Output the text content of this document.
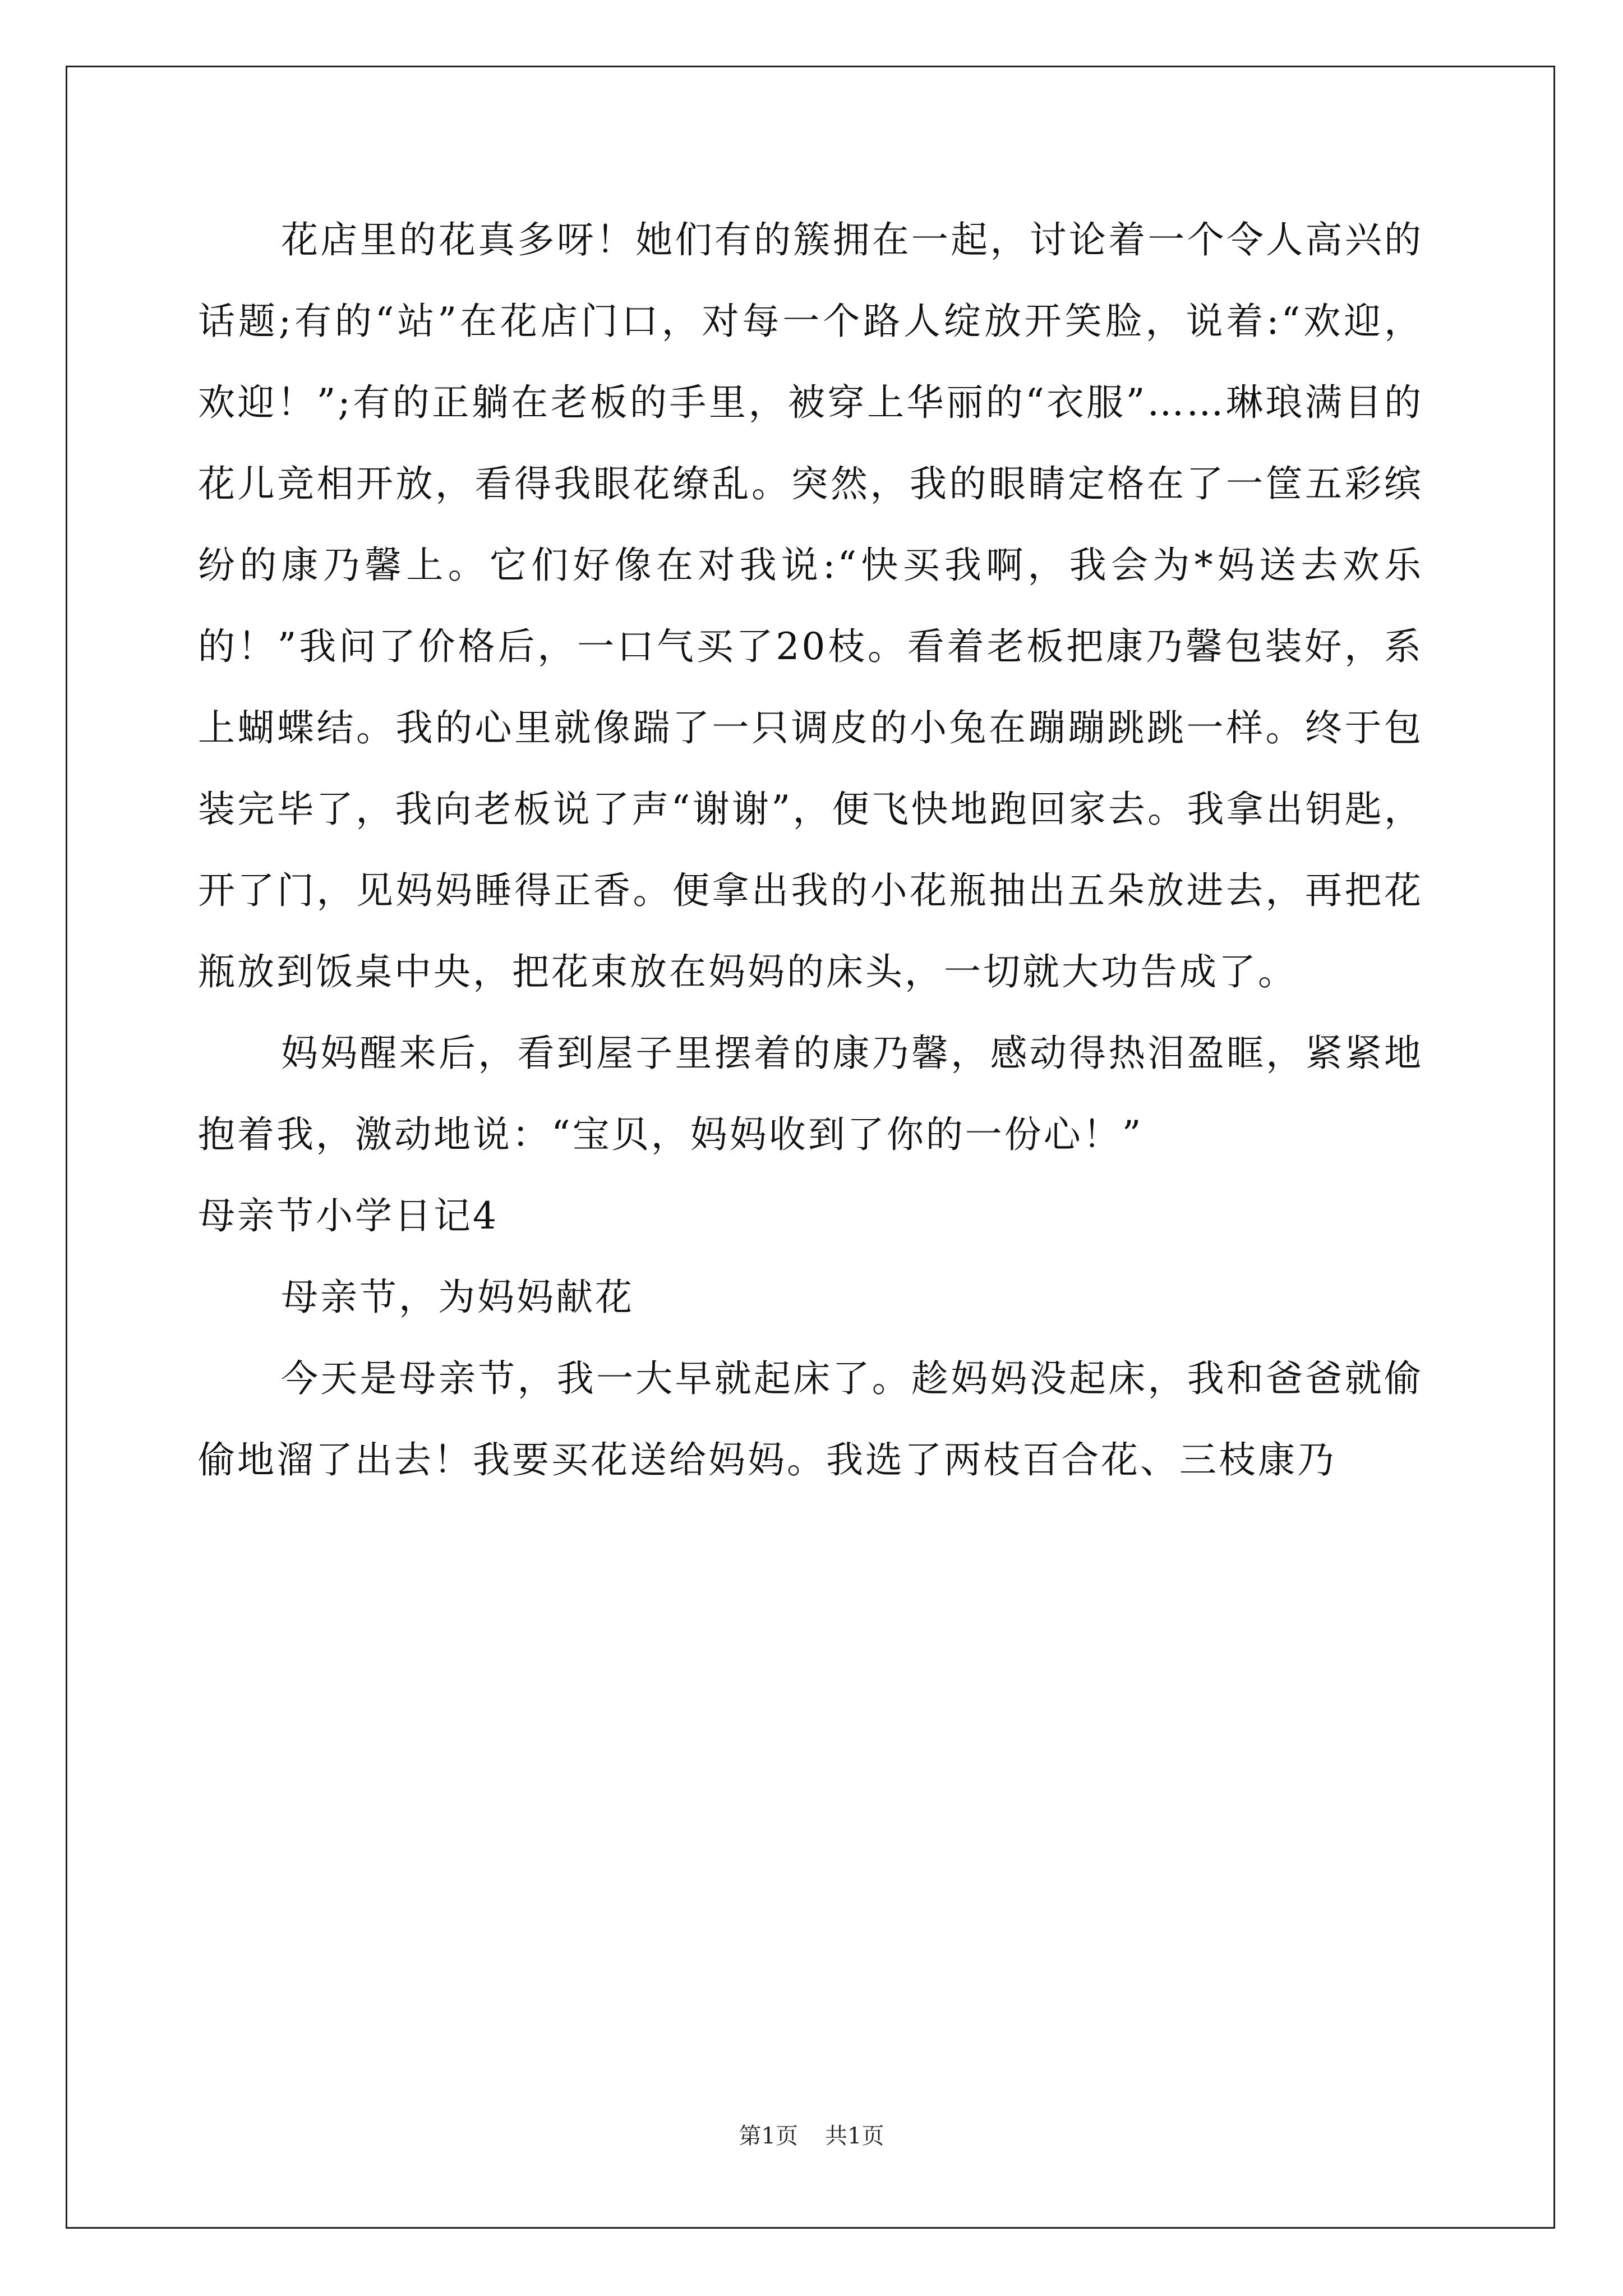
花店里的花真多呀！她们有的簇拥在一起，讨论着一个令人高兴的话题;有的“站”在花店门口，对每一个路人绽放开笑脸，说着:“欢迎，欢迎！”;有的正躺在老板的手里，被穿上华丽的“衣服”……琳琅满目的花儿竞相开放，看得我眼花缭乱。突然，我的眼睛定格在了一筐五彩缤纷的康乃馨上。它们好像在对我说:“快买我啊，我会为*妈送去欢乐的！”我问了价格后，一口气买了20枝。看着老板把康乃馨包装好，系上蝴蝶结。我的心里就像踹了一只调皮的小兔在蹦蹦跳跳一样。终于包装完毕了，我向老板说了声“谢谢”，便飞快地跑回家去。我拿出钥匙，开了门，见妈妈睡得正香。便拿出我的小花瓶抽出五朵放进去，再把花瓶放到饭桌中央，把花束放在妈妈的床头，一切就大功告成了。

妈妈醒来后，看到屋子里摆着的康乃馨，感动得热泪盈眶，紧紧地抱着我，激动地说：“宝贝，妈妈收到了你的一份心！”

母亲节小学日记4

母亲节，为妈妈献花

今天是母亲节，我一大早就起床了。趁妈妈没起床，我和爸爸就偷偷地溜了出去！我要买花送给妈妈。我选了两枝百合花、三枝康乃

第1页 共1页
